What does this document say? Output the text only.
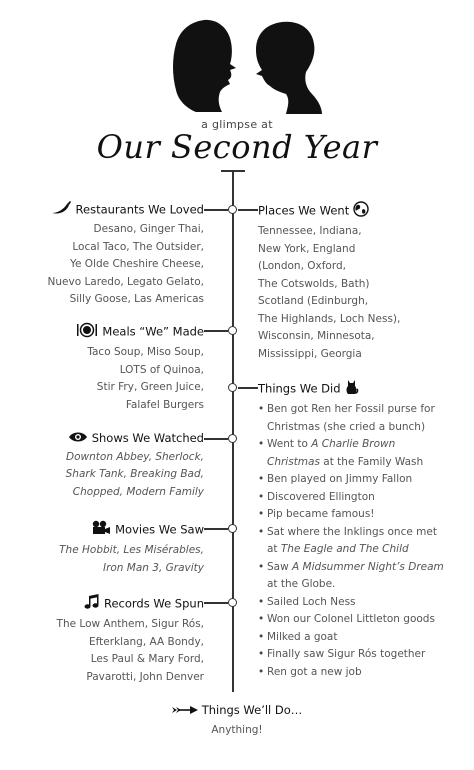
a glimpse at
Our Second Year
Restaurants We Loved
Desano, Ginger Thai,
Local Taco, The Outsider,
Ye Olde Cheshire Cheese,
Nuevo Laredo, Legato Gelato,
Silly Goose, Las Americas
Meals “We” Made
Taco Soup, Miso Soup,
LOTS of Quinoa,
Stir Fry, Green Juice,
Falafel Burgers
Shows We Watched
Downton Abbey, Sherlock,
Shark Tank, Breaking Bad,
Chopped, Modern Family
Movies We Saw
The Hobbit, Les Misérables,
Iron Man 3, Gravity
Records We Spun
The Low Anthem, Sigur Rós,
Efterklang, AA Bondy,
Les Paul & Mary Ford,
Pavarotti, John Denver
Places We Went
Tennessee, Indiana,
New York, England
(London, Oxford,
The Cotswolds, Bath)
Scotland (Edinburgh,
The Highlands, Loch Ness),
Wisconsin, Minnesota,
Mississippi, Georgia
Things We Did
• Ben got Ren her Fossil purse for
Christmas (she cried a bunch)
• Went to A Charlie Brown
Christmas at the Family Wash
• Ben played on Jimmy Fallon
• Discovered Ellington
• Pip became famous!
• Sat where the Inklings once met
at The Eagle and The Child
• Saw A Midsummer Night’s Dream
at the Globe.
• Sailed Loch Ness
• Won our Colonel Littleton goods
• Milked a goat
• Finally saw Sigur Rós together
• Ren got a new job
Things We’ll Do…
Anything!
